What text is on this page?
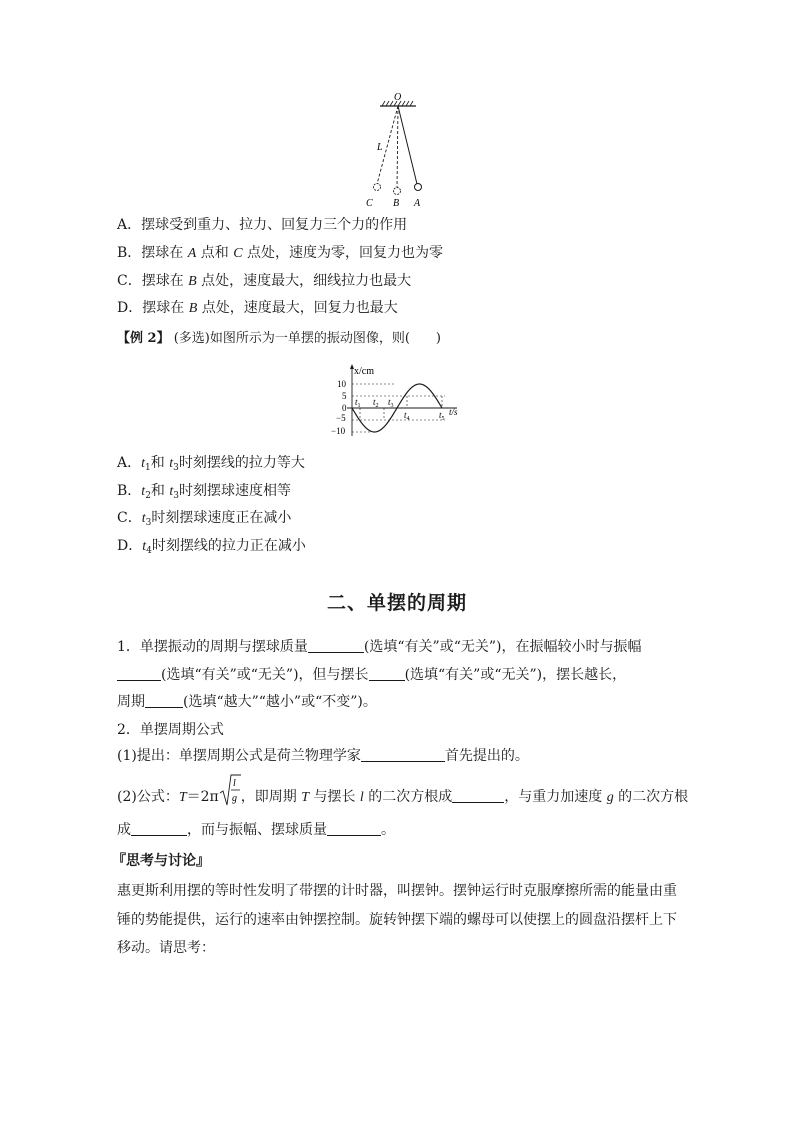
O
L
C B A
A．摆球受到重力、拉力、回复力三个力的作用
B．摆球在 A 点和 C 点处，速度为零，回复力也为零
C．摆球在 B 点处，速度最大，细线拉力也最大
D．摆球在 B 点处，速度最大，回复力也最大
【例 2】 (多选)如图所示为一单摆的振动图像，则(　　)
x/cm
t/s
10
5
0
−5
−10
$t_1$ $t_2$ $t_3$
$t_4$	$t_5$
A．$t_1$和 $t_3$时刻摆线的拉力等大
B．$t_2$和 $t_3$时刻摆球速度相等
C．$t_3$时刻摆球速度正在减小
D．$t_4$时刻摆线的拉力正在减小
二、单摆的周期
1．单摆振动的周期与摆球质量	(选填“有关”或“无关”)，在振幅较小时与振幅
(选填“有关”或“无关”)，但与摆长	(选填“有关”或“无关”)，摆长越长，
周期	(选填“越大”“越小”或“不变”)。
2．单摆周期公式
(1)提出：单摆周期公式是荷兰物理学家	首先提出的。
(2)公式：T＝2π
l
g ，即周期 T 与摆长 l 的二次方根成	，与重力加速度 g 的二次方根
成	，而与振幅、摆球质量	。
『思考与讨论』
惠更斯利用摆的等时性发明了带摆的计时器，叫摆钟。摆钟运行时克服摩擦所需的能量由重
锤的势能提供，运行的速率由钟摆控制。旋转钟摆下端的螺母可以使摆上的圆盘沿摆杆上下
移动。请思考：
